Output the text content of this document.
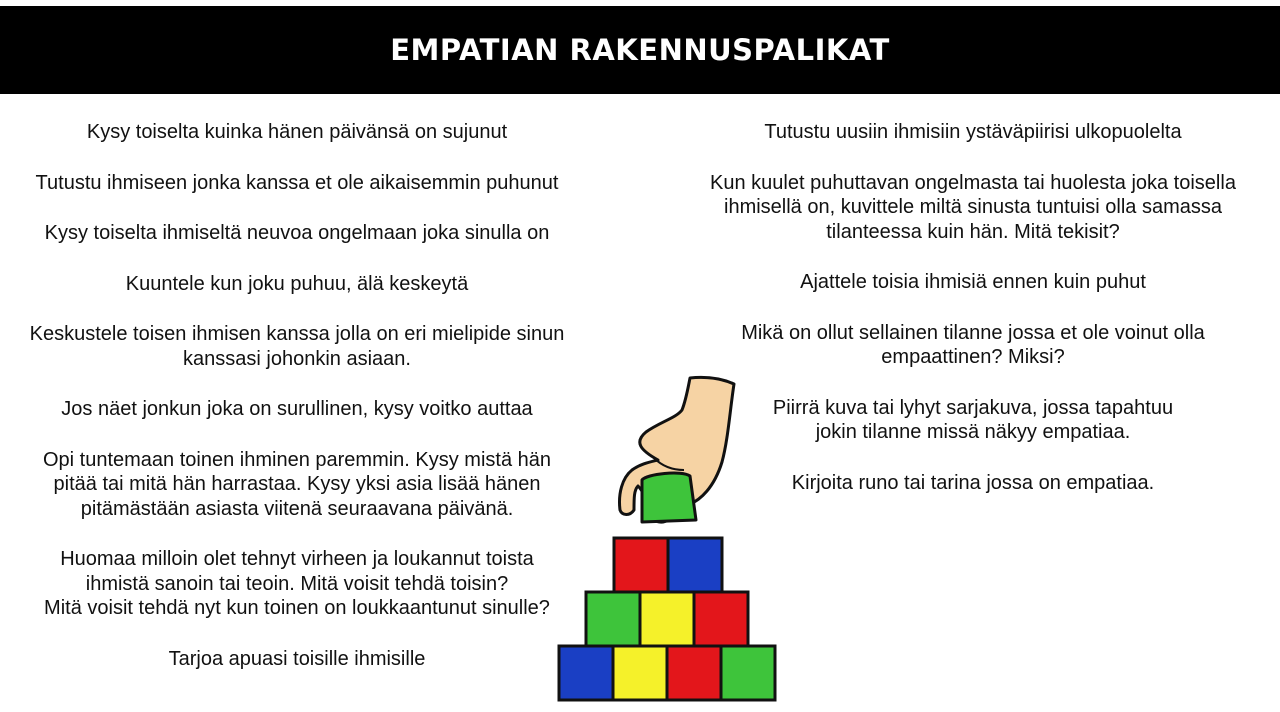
EMPATIAN RAKENNUSPALIKAT
Kysy toiselta kuinka hänen päivänsä on sujunut
Tutustu ihmiseen jonka kanssa et ole aikaisemmin puhunut
Kysy toiselta ihmiseltä neuvoa ongelmaan joka sinulla on
Kuuntele kun joku puhuu, älä keskeytä
Keskustele toisen ihmisen kanssa jolla on eri mielipide sinun
kanssasi johonkin asiaan.
Jos näet jonkun joka on surullinen, kysy voitko auttaa
Opi tuntemaan toinen ihminen paremmin. Kysy mistä hän
pitää tai mitä hän harrastaa. Kysy yksi asia lisää hänen
pitämästään asiasta viitenä seuraavana päivänä.
Huomaa milloin olet tehnyt virheen ja loukannut toista
ihmistä sanoin tai teoin. Mitä voisit tehdä toisin?
Mitä voisit tehdä nyt kun toinen on loukkaantunut sinulle?
Tarjoa apuasi toisille ihmisille
Tutustu uusiin ihmisiin ystäväpiirisi ulkopuolelta
Kun kuulet puhuttavan ongelmasta tai huolesta joka toisella
ihmisellä on, kuvittele miltä sinusta tuntuisi olla samassa
tilanteessa kuin hän. Mitä tekisit?
Ajattele toisia ihmisiä ennen kuin puhut
Mikä on ollut sellainen tilanne jossa et ole voinut olla
empaattinen? Miksi?
Piirrä kuva tai lyhyt sarjakuva, jossa tapahtuu
jokin tilanne missä näkyy empatiaa.
Kirjoita runo tai tarina jossa on empatiaa.
